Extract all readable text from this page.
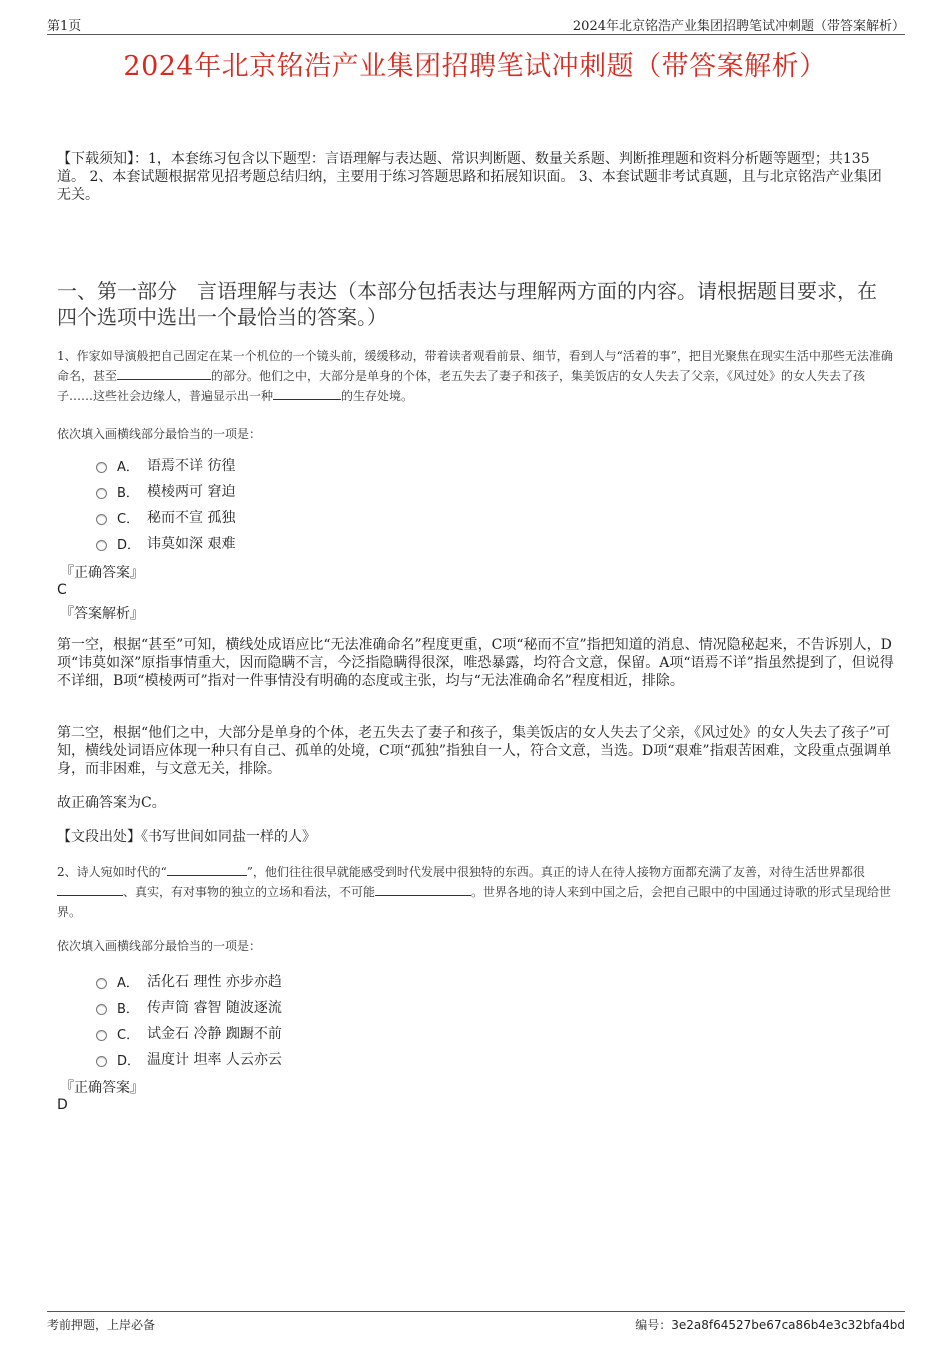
第1页	2024年北京铭浩产业集团招聘笔试冲刺题（带答案解析）
2024年北京铭浩产业集团招聘笔试冲刺题（带答案解析）
【下载须知】：1，本套练习包含以下题型：言语理解与表达题、常识判断题、数量关系题、判断推理题和资料分析题等题型；共135道。 2、本套试题根据常见招考题总结归纳，主要用于练习答题思路和拓展知识面。 3、本套试题非考试真题，且与北京铭浩产业集团无关。
一、第一部分　言语理解与表达（本部分包括表达与理解两方面的内容。请根据题目要求，在四个选项中选出一个最恰当的答案。）
1、作家如导演般把自己固定在某一个机位的一个镜头前，缓缓移动，带着读者观看前景、细节，看到人与“活着的事”，把目光聚焦在现实生活中那些无法准确命名，甚至	的部分。他们之中，大部分是单身的个体，老五失去了妻子和孩子，集美饭店的女人失去了父亲，《风过处》的女人失去了孩子……这些社会边缘人，普遍显示出一种	的生存处境。
依次填入画横线部分最恰当的一项是：
A． 语焉不详 彷徨
B． 模棱两可 窘迫
C． 秘而不宣 孤独
D． 讳莫如深 艰难
『正确答案』
C
『答案解析』
第一空，根据“甚至”可知，横线处成语应比“无法准确命名”程度更重，C项“秘而不宣”指把知道的消息、情况隐秘起来，不告诉别人，D项“讳莫如深”原指事情重大，因而隐瞒不言，今泛指隐瞒得很深，唯恐暴露，均符合文意，保留。A项“语焉不详”指虽然提到了，但说得不详细，B项“模棱两可”指对一件事情没有明确的态度或主张，均与“无法准确命名”程度相近，排除。
第二空，根据“他们之中，大部分是单身的个体，老五失去了妻子和孩子，集美饭店的女人失去了父亲，《风过处》的女人失去了孩子”可知，横线处词语应体现一种只有自己、孤单的处境，C项“孤独”指独自一人，符合文意，当选。D项“艰难”指艰苦困难，文段重点强调单身，而非困难，与文意无关，排除。
故正确答案为C。
【文段出处】《书写世间如同盐一样的人》
2、诗人宛如时代的“	”，他们往往很早就能感受到时代发展中很独特的东西。真正的诗人在待人接物方面都充满了友善，对待生活世界都很、真实，有对事物的独立的立场和看法，不可能	。世界各地的诗人来到中国之后，会把自己眼中的中国通过诗歌的形式呈现给世界。
依次填入画横线部分最恰当的一项是：
A． 活化石 理性 亦步亦趋
B． 传声筒 睿智 随波逐流
C． 试金石 冷静 踟蹰不前
D． 温度计 坦率 人云亦云
『正确答案』
D
考前押题，上岸必备	编号：3e2a8f64527be67ca86b4e3c32bfa4bd
